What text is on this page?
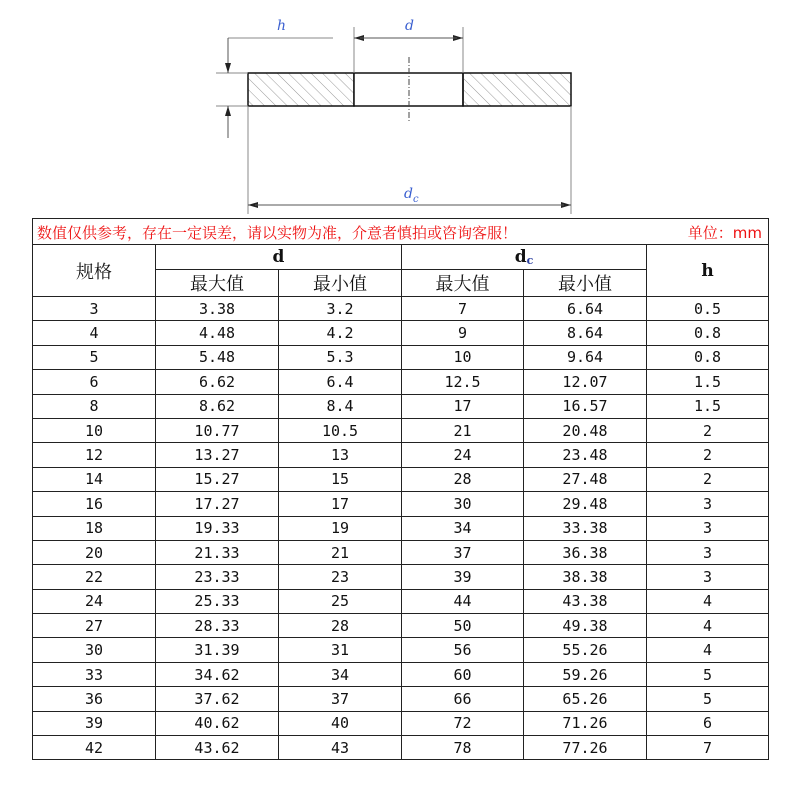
h	d
$d_c$
数值仅供参考，存在一定误差，请以实物为准，介意者慎拍或咨询客服！ 单位：mm					

规格	d		$d_c$		h
	最大值	最小值	最大值	最小值	
3	3.38	3.2	7	6.64	0.5
4	4.48	4.2	9	8.64	0.8
5	5.48	5.3	10	9.64	0.8
6	6.62	6.4	12.5	12.07	1.5
8	8.62	8.4	17	16.57	1.5
10	10.77	10.5	21	20.48	2
12	13.27	13	24	23.48	2
14	15.27	15	28	27.48	2
16	17.27	17	30	29.48	3
18	19.33	19	34	33.38	3
20	21.33	21	37	36.38	3
22	23.33	23	39	38.38	3
24	25.33	25	44	43.38	4
27	28.33	28	50	49.38	4
30	31.39	31	56	55.26	4
33	34.62	34	60	59.26	5
36	37.62	37	66	65.26	5
39	40.62	40	72	71.26	6
42	43.62	43	78	77.26	7
